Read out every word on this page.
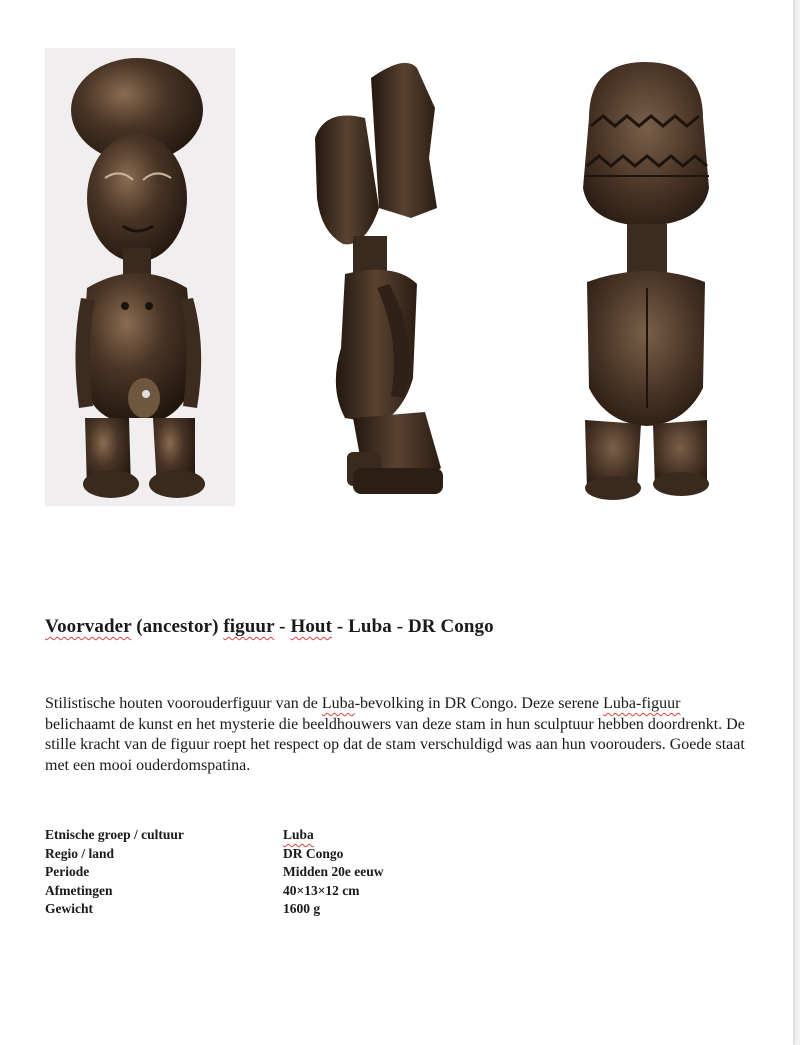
Voorvader (ancestor) figuur - Hout - Luba - DR Congo
Stilistische houten voorouderfiguur van de Luba-bevolking in DR Congo. Deze serene Luba-figuur belichaamt de kunst en het mysterie die beeldhouwers van deze stam in hun sculptuur hebben doordrenkt. De stille kracht van de figuur roept het respect op dat de stam verschuldigd was aan hun voorouders. Goede staat met een mooi ouderdomspatina.
Etnische groep / cultuur	Luba
Regio / land	DR Congo
Periode	Midden 20e eeuw
Afmetingen	40×13×12 cm
Gewicht	1600 g
